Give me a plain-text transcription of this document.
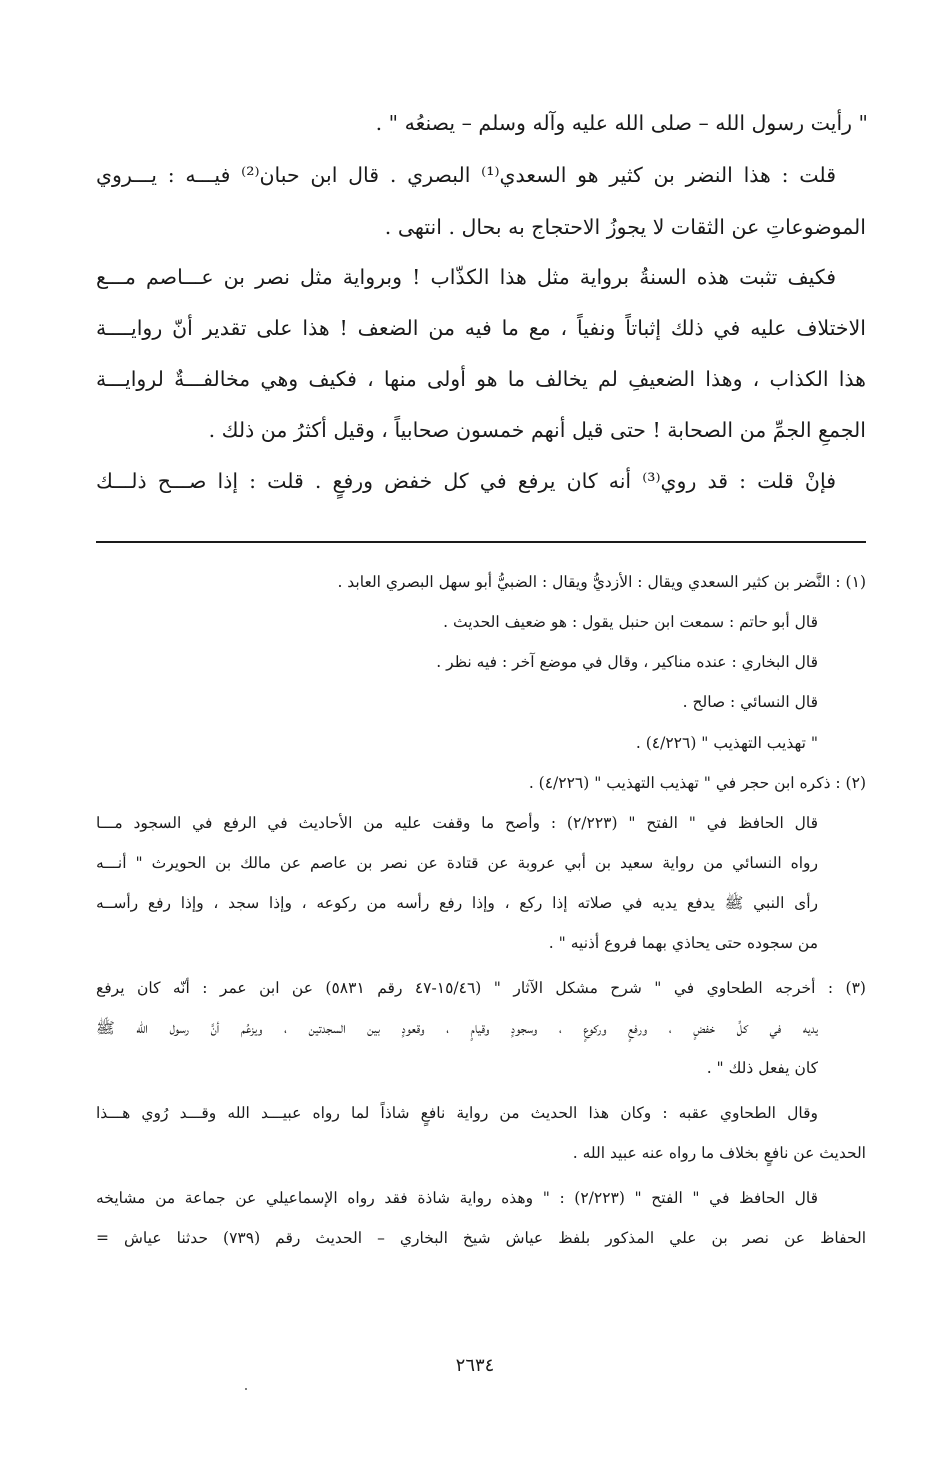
" رأيت رسول الله – صلى الله عليه وآله وسلم – يصنعُه " .
قلت : هذا النضر بن كثير هو السعدي⁽¹⁾ البصري . قال ابن حبان⁽²⁾ فيـــه : يـــروي
الموضوعاتِ عن الثقات لا يجوزُ الاحتجاج به بحال . انتهى .
فكيف تثبت هذه السنةُ برواية مثل هذا الكذّاب ! وبرواية مثل نصر بن عـــاصم مـــع
الاختلاف عليه في ذلك إثباتاً ونفياً ، مع ما فيه من الضعف ! هذا على تقدير أنّ روايــــة
هذا الكذاب ، وهذا الضعيفِ لم يخالف ما هو أولى منها ، فكيف وهي مخالفـــةٌ لروايـــة
الجمعِ الجمِّ من الصحابة ! حتى قيل أنهم خمسون صحابياً ، وقيل أكثرُ من ذلك .
فإنْ قلت : قد روي⁽³⁾ أنه كان يرفع في كل خفض ورفعٍ . قلت : إذا صـــح ذلـــك
(١) : النَّضر بن كثير السعدي ويقال : الأزديُّ ويقال : الضبيُّ أبو سهل البصري العابد .
قال أبو حاتم : سمعت ابن حنبل يقول : هو ضعيف الحديث .
قال البخاري : عنده مناكير ، وقال في موضع آخر : فيه نظر .
قال النسائي : صالح .
" تهذيب التهذيب " (٤/٢٢٦) .
(٢) : ذكره ابن حجر في " تهذيب التهذيب " (٤/٢٢٦) .
قال الحافظ في " الفتح " (٢/٢٢٣) : وأصح ما وقفت عليه من الأحاديث في الرفع في السجود مـــا
رواه النسائي من رواية سعيد بن أبي عروبة عن قتادة عن نصر بن عاصم عن مالك بن الحويرث " أنـــه
رأى النبي ﷺ يدفع يديه في صلاته إذا ركع ، وإذا رفع رأسه من ركوعه ، وإذا سجد ، وإذا رفع رأســه
من سجوده حتى يحاذي بهما فروع أذنيه " .
(٣) : أخرجه الطحاوي في " شرح مشكل الآثار " (١٥/٤٦-٤٧ رقم ٥٨٣١) عن ابن عمر : أنّه كان يرفع
يديه في كلِّ خفضٍ ، ورفعٍ وركوعٍ ، وسجودٍ وقيامٍ ، وقعودٍ بين السجدتين ، ويزعُم أنَّ رسول الله ﷺ
كان يفعل ذلك " .
وقال الطحاوي عقبه : وكان هذا الحديث من رواية نافعٍ شاذاً لما رواه عبيـــد الله وقـــد رُوي هـــذا
الحديث عن نافعٍ بخلاف ما رواه عنه عبيد الله .
قال الحافظ في " الفتح " (٢/٢٢٣) : " وهذه رواية شاذة فقد رواه الإسماعيلي عن جماعة من مشايخه
الحفاظ عن نصر بن علي المذكور بلفظ عياش شيخ البخاري – الحديث رقم (٧٣٩) حدثنا عياش =
٢٦٣٤
